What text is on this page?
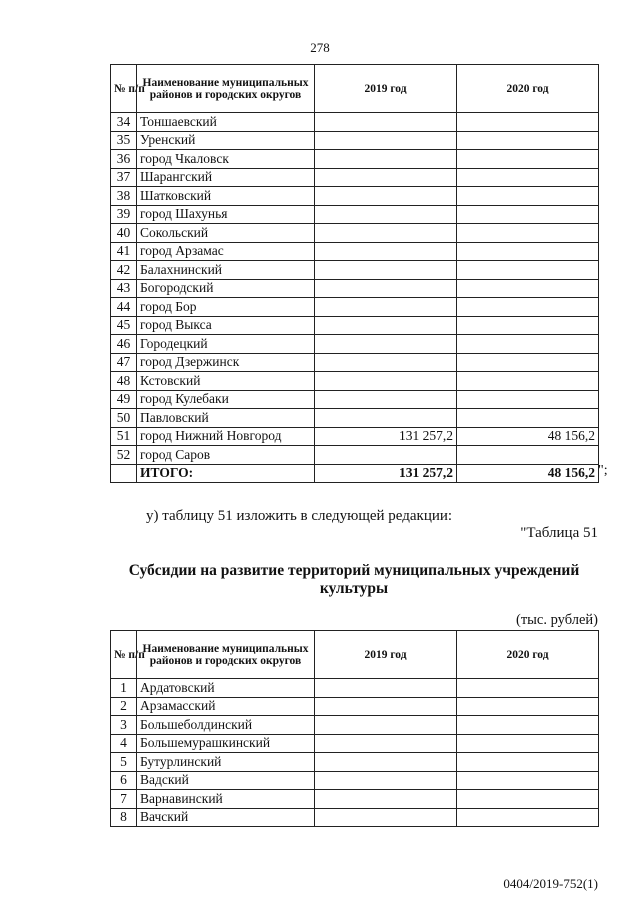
278
№ п/п	Наименование муниципальных районов и городских округов	2019 год	2020 год
34	Тоншаевский		
35	Уренский		
36	город Чкаловск		
37	Шарангский		
38	Шатковский		
39	город Шахунья		
40	Сокольский		
41	город Арзамас		
42	Балахнинский		
43	Богородский		
44	город Бор		
45	город Выкса		
46	Городецкий		
47	город Дзержинск		
48	Кстовский		
49	город Кулебаки		
50	Павловский		
51	город Нижний Новгород	131 257,2	48 156,2
52	город Саров		
	ИТОГО:	131 257,2	48 156,2 ";
у) таблицу 51 изложить в следующей редакции:
"Таблица 51
Субсидии на развитие территорий муниципальных учреждений культуры
(тыс. рублей)
№ п/п	Наименование муниципальных районов и городских округов	2019 год	2020 год
1	Ардатовский		
2	Арзамасский		
3	Большеболдинский		
4	Большемурашкинский		
5	Бутурлинский		
6	Вадский		
7	Варнавинский		
8	Вачский		
0404/2019-752(1)
